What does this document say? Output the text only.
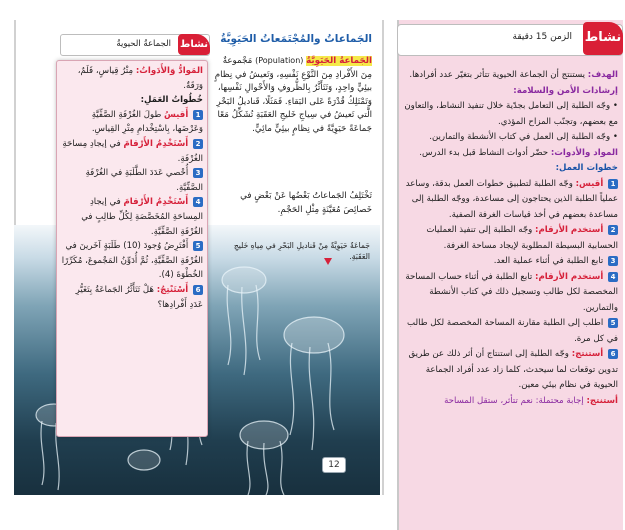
نشاط
الزمن 15 دقيقة
الهدف: يستنتج أن الجماعة الحيوية تتأثر بتغيّر عدد أفرادها.
إرشادات الأمن والسلامة:
• وجّه الطلبة إلى التعامل بجدّية خلال تنفيذ النشاط، والتعاون مع بعضهم، وتجنّب المزاح المؤذي.
• وجّه الطلبة إلى العمل في كتاب الأنشطة والتمارين.
المواد والأدوات: حضّر أدوات النشاط قبل بدء الدرس.
خطوات العمل:
1 أقيس: وجّه الطلبة لتطبيق خطوات العمل بدقة، وساعد عملياً الطلبة الذين يحتاجون إلى مساعدة، ووجّه الطلبة إلى مساعدة بعضهم في أخذ قياسات الغرفة الصفية.
2 أستخدم الأرقام: وجّه الطلبة إلى تنفيذ العمليات الحسابية البسيطة المطلوبة لإيجاد مساحة الغرفة.
3 تابع الطلبة في أثناء عملية العد.
4 أستخدم الأرقام: تابع الطلبة في أثناء حساب المساحة المخصصة لكل طالب وتسجيل ذلك في كتاب الأنشطة والتمارين.
5 اطلب إلى الطلبة مقارنة المساحة المخصصة لكل طالب في كل مرة.
6 أستنتج: وجّه الطلبة إلى استنتاج أن أثر ذلك عن طريق تدوين توقعات لما سيحدث، كلما زاد عدد أفراد الجماعة الحيوية في نظام بيئي معين.
أستنتج: إجابة محتملة: نعم تتأثر، ستقل المساحة
الجَماعاتُ والمُجْتَمَعاتُ الحَيَوِيَّةُ
الجَماعةُ الحَيَوِيَّةُ (Population) مَجْموعةٌ مِنَ الأَفْرادِ مِنَ النَّوْعِ نَفْسِهِ، وَتَعيشُ في نِظامٍ بيئِيٍّ واحِدٍ، وَتَتَأَثَّرُ بِالظُّروفِ وَالأَحْوالِ نَفْسِها، وَتَمْتَلِكُ قُدْرَةً عَلى البَقاءِ. فَمَثَلًا، قَناديلُ البَحْرِ الَّتي تَعيشُ في سِياجِ خَليجِ العَقَبَةِ تُشَكِّلُ مَعًا جَماعَةً حَيَوِيَّةً في نِظامٍ بيئِيٍّ مائِيٍّ.
تَخْتَلِفُ الجَماعاتُ بَعْضُها عَنْ بَعْضٍ في خَصائِصَ مُعَيَّنَةٍ مِثْلِ الحَجْمِ.
جَماعَةٌ حَيَوِيَّةٌ مِنْ قَناديلِ البَحْرِ في مِياهِ خَليجِ العَقَبَةِ.
12
نشاط
الجماعةُ الحيويةُ
المَوادُّ وَالأَدَواتُ: مِتْرُ قِياسٍ، قَلَمٌ، وَرَقَةٌ.
خُطُواتُ العَمَلِ:
1 أَقيسُ طولَ الغُرْفَةِ الصَّفِّيَّةِ وَعَرْضَها، بِاسْتِخْدامِ مِتْرِ القِياسِ.
2 أَسْتَخْدِمُ الأَرْقامَ في إيجادِ مِساحَةِ الغُرْفَةِ.
3 أُحْصي عَدَدَ الطَّلَبَةِ في الغُرْفَةِ الصَّفِّيَّةِ.
4 أَسْتَخْدِمُ الأَرْقامَ في إيجادِ المِساحَةِ المُخَصَّصَةِ لِكُلِّ طالِبٍ في الغُرْفَةِ الصَّفِّيَّةِ.
5 أَفْتَرِضُ وُجودَ (10) طَلَبَةٍ آخَرينَ في الغُرْفَةِ الصَّفِّيَّةِ، ثُمَّ أُدَوِّنُ المَجْموعَ، مُكَرِّرًا الخُطْوَةَ (4).
6 أَسْتَنْتِجُ: هَلْ تَتَأَثَّرُ الجَماعَةُ بِتَغَيُّرِ عَدَدِ أَفْرادِها؟
